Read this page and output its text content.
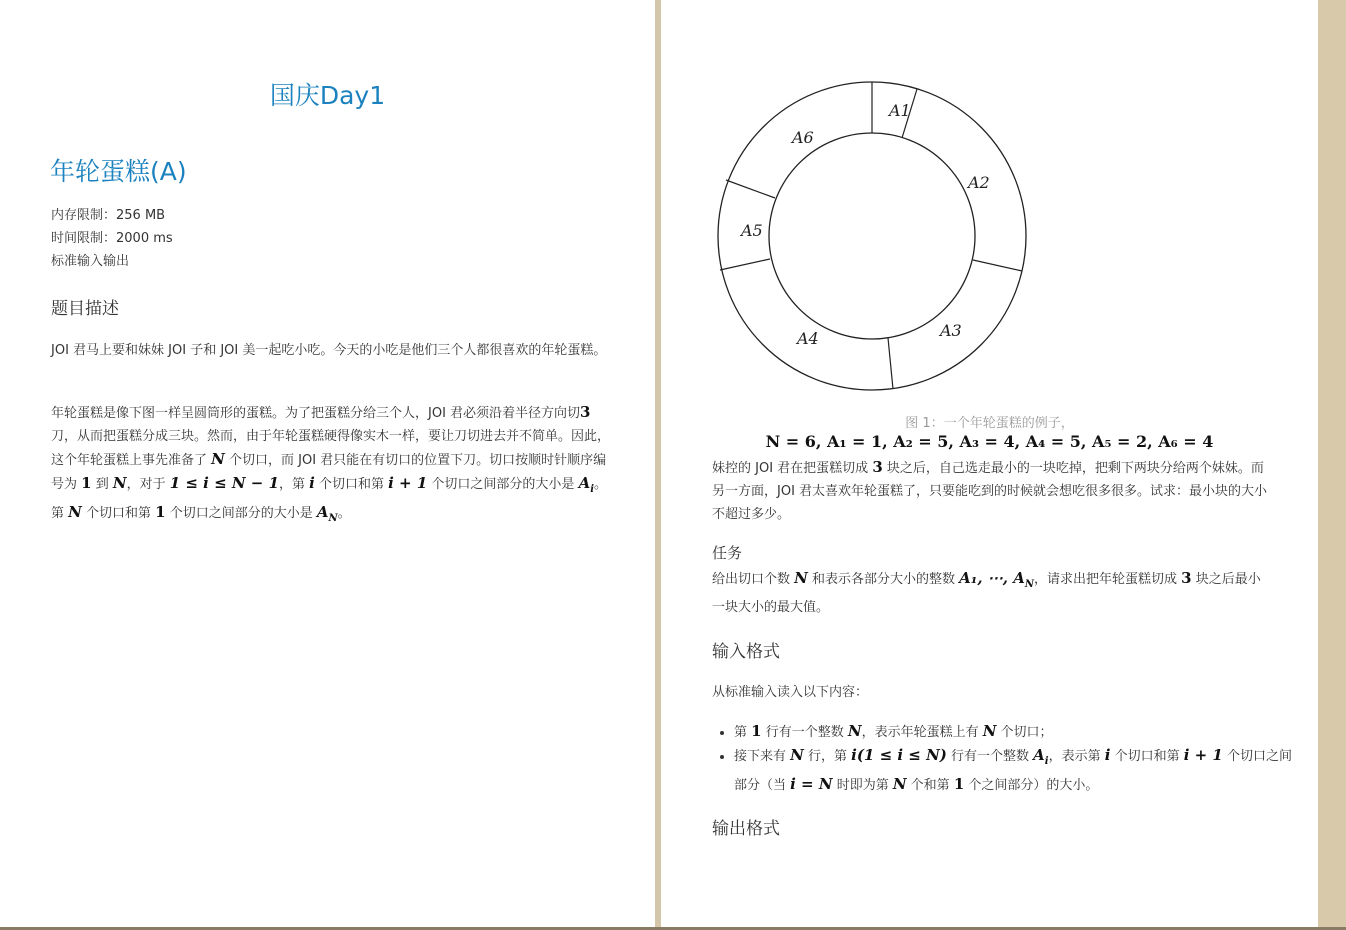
国庆Day1
年轮蛋糕(A)
内存限制：256 MB
时间限制：2000 ms
标准输入输出
题目描述
JOI 君马上要和妹妹 JOI 子和 JOI 美一起吃小吃。今天的小吃是他们三个人都很喜欢的年轮蛋糕。
年轮蛋糕是像下图一样呈圆筒形的蛋糕。为了把蛋糕分给三个人，JOI 君必须沿着半径方向切3 刀，从而把蛋糕分成三块。然而，由于年轮蛋糕硬得像实木一样，要让刀切进去并不简单。因此，这个年轮蛋糕上事先准备了 N 个切口，而 JOI 君只能在有切口的位置下刀。切口按顺时针顺序编号为 1 到 N，对于 1 ≤ i ≤ N − 1，第 i 个切口和第 i + 1 个切口之间部分的大小是 $A_i$。第 N 个切口和第 1 个切口之间部分的大小是 $A_N$。
A1
A2
A3
A4
A5
A6
图 1：一个年轮蛋糕的例子，
N = 6, A₁ = 1, A₂ = 5, A₃ = 4, A₄ = 5, A₅ = 2, A₆ = 4
妹控的 JOI 君在把蛋糕切成 3 块之后，自己选走最小的一块吃掉，把剩下两块分给两个妹妹。而另一方面，JOI 君太喜欢年轮蛋糕了，只要能吃到的时候就会想吃很多很多。试求：最小块的大小不超过多少。
任务
给出切口个数 N 和表示各部分大小的整数 A₁, ⋯, $A_N$，请求出把年轮蛋糕切成 3 块之后最小一块大小的最大值。
输入格式
从标准输入读入以下内容：
• 第 1 行有一个整数 N，表示年轮蛋糕上有 N 个切口；
• 接下来有 N 行，第 i(1 ≤ i ≤ N) 行有一个整数 $A_i$，表示第 i 个切口和第 i + 1 个切口之间部分（当 i = N 时即为第 N 个和第 1 个之间部分）的大小。
输出格式
